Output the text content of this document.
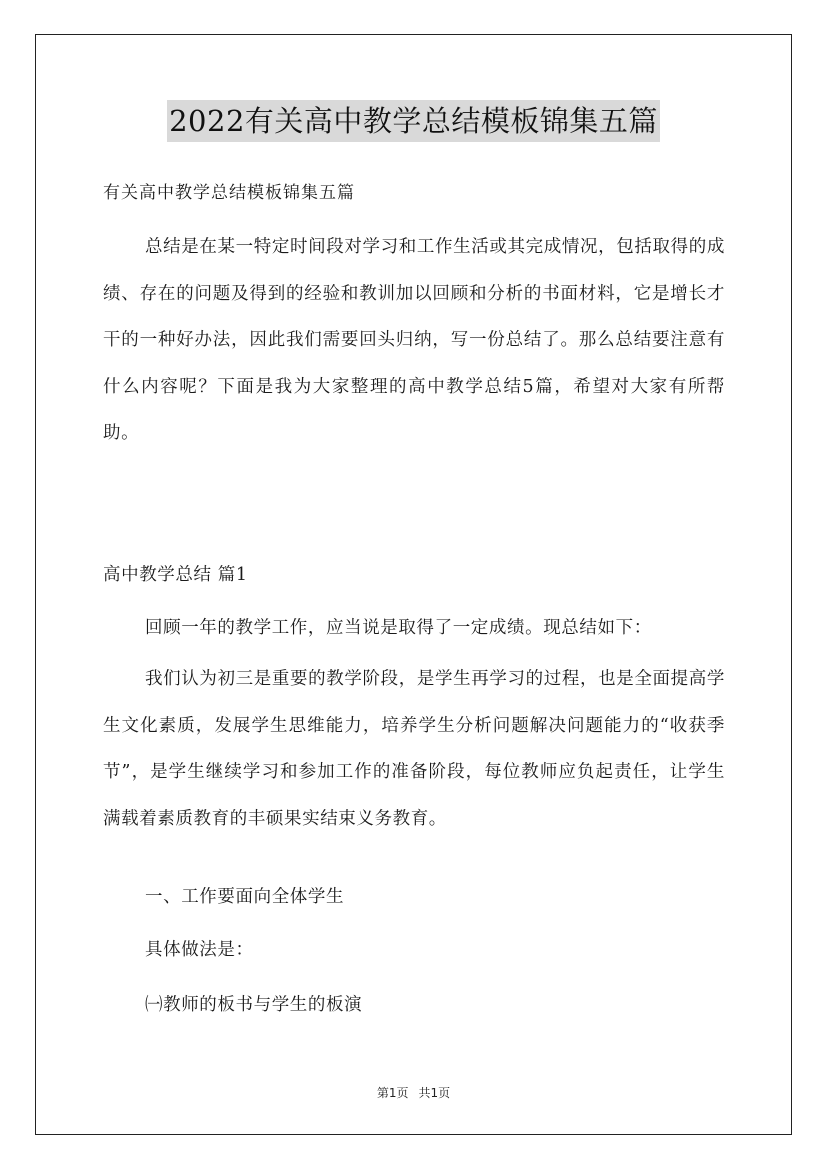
2022有关高中教学总结模板锦集五篇
有关高中教学总结模板锦集五篇

总结是在某一特定时间段对学习和工作生活或其完成情况，包括取得的成绩、存在的问题及得到的经验和教训加以回顾和分析的书面材料，它是增长才干的一种好办法，因此我们需要回头归纳，写一份总结了。那么总结要注意有什么内容呢？下面是我为大家整理的高中教学总结5篇，希望对大家有所帮助。

高中教学总结 篇1
回顾一年的教学工作，应当说是取得了一定成绩。现总结如下：

我们认为初三是重要的教学阶段，是学生再学习的过程，也是全面提高学生文化素质，发展学生思维能力，培养学生分析问题解决问题能力的“收获季节”，是学生继续学习和参加工作的准备阶段，每位教师应负起责任，让学生满载着素质教育的丰硕果实结束义务教育。

一、工作要面向全体学生
具体做法是：
㈠教师的板书与学生的板演
第1页 共1页
